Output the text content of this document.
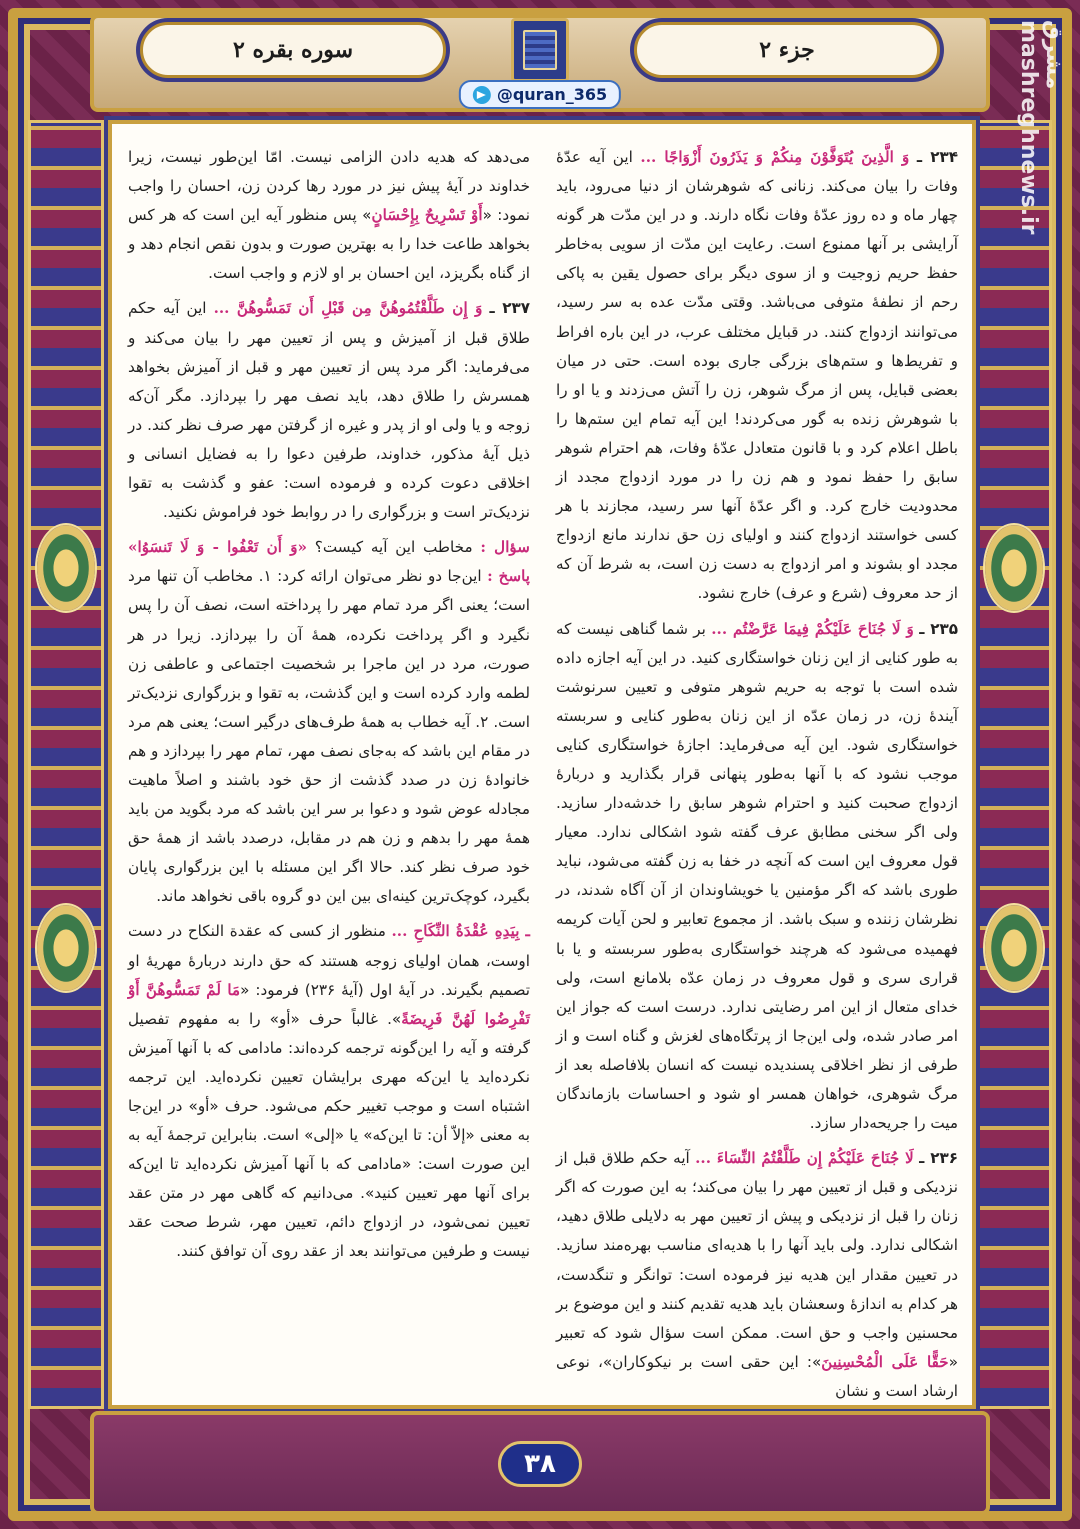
جزء ۲
سوره بقره ۲
@quran_365
مشرق mashreghnews.ir

۲۳۴ ـ وَ الَّذِينَ يُتَوَفَّوْنَ مِنكُمْ وَ يَذَرُونَ أَزْوَاجًا ... این آیه عدّهٔ وفات را بیان می‌کند. زنانی که شوهرشان از دنیا می‌رود، باید چهار ماه و ده روز عدّهٔ وفات نگاه دارند. و در این مدّت هر گونه آرایشی بر آنها ممنوع است. رعایت این مدّت از سویی به‌خاطر حفظ حریم زوجیت و از سوی دیگر برای حصول یقین به پاکی رحم از نطفهٔ متوفی می‌باشد. وقتی مدّت عده به سر رسید، می‌توانند ازدواج کنند. در قبایل مختلف عرب، در این باره افراط و تفریط‌ها و ستم‌های بزرگی جاری بوده است. حتی در میان بعضی قبایل، پس از مرگ شوهر، زن را آتش می‌زدند و یا او را با شوهرش زنده به گور می‌کردند! این آیه تمام این ستم‌ها را باطل اعلام کرد و با قانون متعادل عدّهٔ وفات، هم احترام شوهر سابق را حفظ نمود و هم زن را در مورد ازدواج مجدد از محدودیت خارج کرد. و اگر عدّهٔ آنها سر رسید، مجازند با هر کسی خواستند ازدواج کنند و اولیای زن حق ندارند مانع ازدواج مجدد او بشوند و امر ازدواج به دست زن است، به شرط آن که از حد معروف (شرع و عرف) خارج نشود.

۲۳۵ ـ وَ لَا جُنَاحَ عَلَيْكُمْ فِيمَا عَرَّضْتُم ... بر شما گناهی نیست که به طور کنایی از این زنان خواستگاری کنید. در این آیه اجازه داده شده است با توجه به حریم شوهر متوفی و تعیین سرنوشت آیندهٔ زن، در زمان عدّه از این زنان به‌طور کنایی و سربسته خواستگاری شود. این آیه می‌فرماید: اجازهٔ خواستگاری کنایی موجب نشود که با آنها به‌طور پنهانی قرار بگذارید و دربارهٔ ازدواج صحبت کنید و احترام شوهر سابق را خدشه‌دار سازید. ولی اگر سخنی مطابق عرف گفته شود اشکالی ندارد. معیار قول معروف این است که آنچه در خفا به زن گفته می‌شود، نباید طوری باشد که اگر مؤمنین یا خویشاوندان از آن آگاه شدند، در نظرشان زننده و سبک باشد. از مجموع تعابیر و لحن آیات کریمه فهمیده می‌شود که هرچند خواستگاری به‌طور سربسته و یا با قراری سری و قول معروف در زمان عدّه بلامانع است، ولی خدای متعال از این امر رضایتی ندارد. درست است که جواز این امر صادر شده، ولی این‌جا از پرتگاه‌های لغزش و گناه است و از طرفی از نظر اخلاقی پسندیده نیست که انسان بلافاصله بعد از مرگ شوهری، خواهان همسر او شود و احساسات بازماندگان میت را جریحه‌دار سازد.

۲۳۶ ـ لَا جُنَاحَ عَلَيْكُمْ إِن طَلَّقْتُمُ النِّسَاءَ ... آیه حکم طلاق قبل از نزدیکی و قبل از تعیین مهر را بیان می‌کند؛ به این صورت که اگر زنان را قبل از نزدیکی و پیش از تعیین مهر به دلایلی طلاق دهید، اشکالی ندارد. ولی باید آنها را با هدیه‌ای مناسب بهره‌مند سازید. در تعیین مقدار این هدیه نیز فرموده است: توانگر و تنگدست، هر کدام به اندازهٔ وسعشان باید هدیه تقدیم کنند و این موضوع بر محسنین واجب و حق است. ممکن است سؤال شود که تعبیر «حَقًّا عَلَى الْمُحْسِنِينَ»: این حقی است بر نیکوکاران»، نوعی ارشاد است و نشان

می‌دهد که هدیه دادن الزامی نیست. امّا این‌طور نیست، زیرا خداوند در آیهٔ پیش نیز در مورد رها کردن زن، احسان را واجب نمود: «أَوْ تَسْرِيحٌ بِإِحْسَانٍ» پس منظور آیه این است که هر کس بخواهد طاعت خدا را به بهترین صورت و بدون نقص انجام دهد و از گناه بگریزد، این احسان بر او لازم و واجب است.

۲۳۷ ـ وَ إِن طَلَّقْتُمُوهُنَّ مِن قَبْلِ أَن تَمَسُّوهُنَّ ... این آیه حکم طلاق قبل از آمیزش و پس از تعیین مهر را بیان می‌کند و می‌فرماید: اگر مرد پس از تعیین مهر و قبل از آمیزش بخواهد همسرش را طلاق دهد، باید نصف مهر را بپردازد. مگر آن‌که زوجه و یا ولی او از پدر و غیره از گرفتن مهر صرف نظر کند. در ذیل آیهٔ مذکور، خداوند، طرفین دعوا را به فضایل انسانی و اخلاقی دعوت کرده و فرموده است: عفو و گذشت به تقوا نزدیک‌تر است و بزرگواری را در روابط خود فراموش نکنید.

سؤال : مخاطب این آیه کیست؟ «وَ أَن تَعْفُوا - وَ لَا تَنسَوُا» پاسخ : این‌جا دو نظر می‌توان ارائه کرد: ۱. مخاطب آن تنها مرد است؛ یعنی اگر مرد تمام مهر را پرداخته است، نصف آن را پس نگیرد و اگر پرداخت نکرده، همهٔ آن را بپردازد. زیرا در هر صورت، مرد در این ماجرا بر شخصیت اجتماعی و عاطفی زن لطمه وارد کرده است و این گذشت، به تقوا و بزرگواری نزدیک‌تر است. ۲. آیه خطاب به همهٔ طرف‌های درگیر است؛ یعنی هم مرد در مقام این باشد که به‌جای نصف مهر، تمام مهر را بپردازد و هم خانوادهٔ زن در صدد گذشت از حق خود باشند و اصلاً ماهیت مجادله عوض شود و دعوا بر سر این باشد که مرد بگوید من باید همهٔ مهر را بدهم و زن هم در مقابل، درصدد باشد از همهٔ حق خود صرف نظر کند. حالا اگر این مسئله با این بزرگواری پایان بگیرد، کوچک‌ترین کینه‌ای بین این دو گروه باقی نخواهد ماند.

ـ بِيَدِهِ عُقْدَةُ النِّكَاحِ ... منظور از کسی که عقدة النکاح در دست اوست، همان اولیای زوجه هستند که حق دارند دربارهٔ مهریهٔ او تصمیم بگیرند. در آیهٔ اول (آیهٔ ۲۳۶) فرمود: «مَا لَمْ تَمَسُّوهُنَّ أَوْ تَفْرِضُوا لَهُنَّ فَرِيضَةً». غالباً حرف «أو» را به مفهوم تفصیل گرفته و آیه را این‌گونه ترجمه کرده‌اند: مادامی که با آنها آمیزش نکرده‌اید یا این‌که مهری برایشان تعیین نکرده‌اید. این ترجمه اشتباه است و موجب تغییر حکم می‌شود. حرف «أو» در این‌جا به معنی «إلاّ أن: تا این‌که» یا «إلی» است. بنابراین ترجمهٔ آیه به این صورت است: «مادامی که با آنها آمیزش نکرده‌اید تا این‌که برای آنها مهر تعیین کنید». می‌دانیم که گاهی مهر در متن عقد تعیین نمی‌شود، در ازدواج دائم، تعیین مهر، شرط صحت عقد نیست و طرفین می‌توانند بعد از عقد روی آن توافق کنند.

۳۸
